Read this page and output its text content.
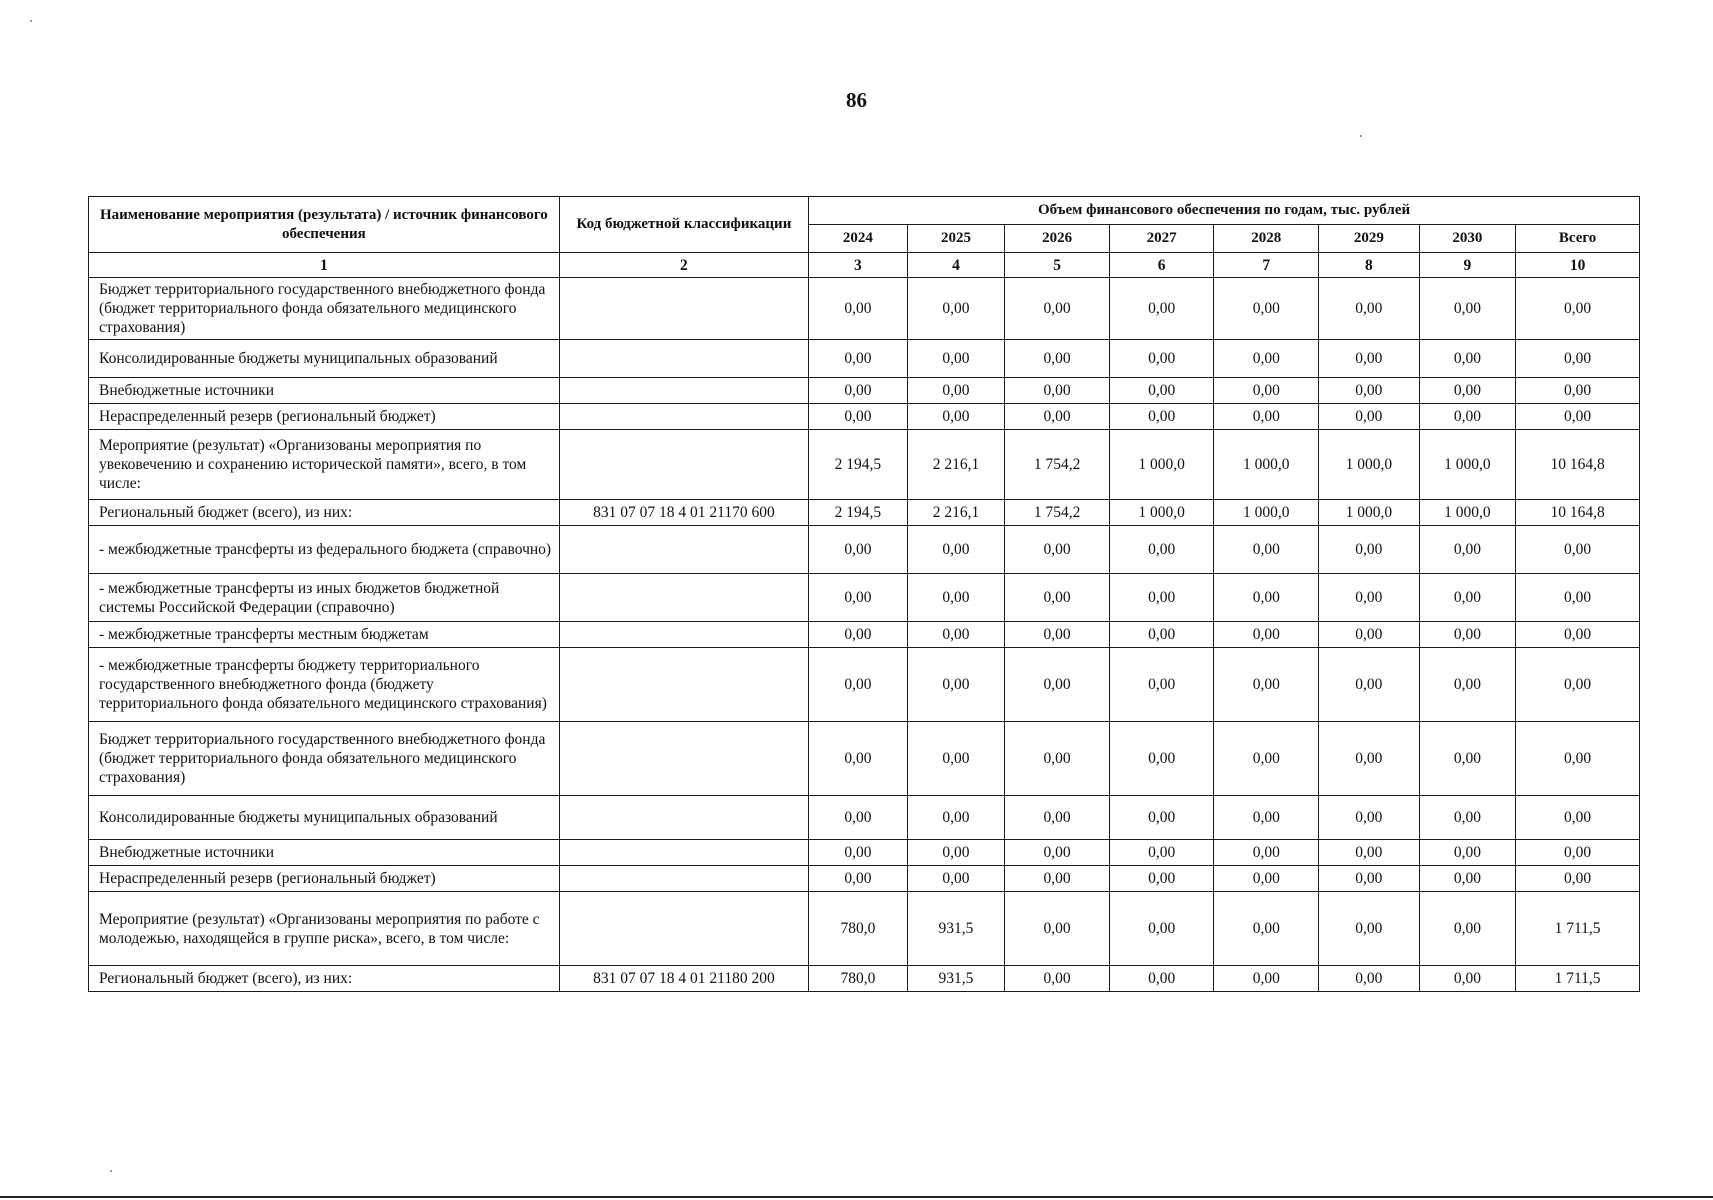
86
Наименование мероприятия (результата) / источник финансового обеспечения	Код бюджетной классификации	Объем финансового обеспечения по годам, тыс. рублей							
		2024	2025	2026	2027	2028	2029	2030	Всего
1	2	3	4	5	6	7	8	9	10
Бюджет территориального государственного внебюджетного фонда (бюджет территориального фонда обязательного медицинского страхования)		0,00	0,00	0,00	0,00	0,00	0,00	0,00	0,00
Консолидированные бюджеты муниципальных образований		0,00	0,00	0,00	0,00	0,00	0,00	0,00	0,00
Внебюджетные источники		0,00	0,00	0,00	0,00	0,00	0,00	0,00	0,00
Нераспределенный резерв (региональный бюджет)		0,00	0,00	0,00	0,00	0,00	0,00	0,00	0,00
Мероприятие (результат) «Организованы мероприятия по увековечению и сохранению исторической памяти», всего, в том числе:		2 194,5	2 216,1	1 754,2	1 000,0	1 000,0	1 000,0	1 000,0	10 164,8
Региональный бюджет (всего), из них:	831 07 07 18 4 01 21170 600	2 194,5	2 216,1	1 754,2	1 000,0	1 000,0	1 000,0	1 000,0	10 164,8
- межбюджетные трансферты из федерального бюджета (справочно)		0,00	0,00	0,00	0,00	0,00	0,00	0,00	0,00
- межбюджетные трансферты из иных бюджетов бюджетной системы Российской Федерации (справочно)		0,00	0,00	0,00	0,00	0,00	0,00	0,00	0,00
- межбюджетные трансферты местным бюджетам		0,00	0,00	0,00	0,00	0,00	0,00	0,00	0,00
- межбюджетные трансферты бюджету территориального государственного внебюджетного фонда (бюджету территориального фонда обязательного медицинского страхования)		0,00	0,00	0,00	0,00	0,00	0,00	0,00	0,00
Бюджет территориального государственного внебюджетного фонда (бюджет территориального фонда обязательного медицинского страхования)		0,00	0,00	0,00	0,00	0,00	0,00	0,00	0,00
Консолидированные бюджеты муниципальных образований		0,00	0,00	0,00	0,00	0,00	0,00	0,00	0,00
Внебюджетные источники		0,00	0,00	0,00	0,00	0,00	0,00	0,00	0,00
Нераспределенный резерв (региональный бюджет)		0,00	0,00	0,00	0,00	0,00	0,00	0,00	0,00
Мероприятие (результат) «Организованы мероприятия по работе с молодежью, находящейся в группе риска», всего, в том числе:		780,0	931,5	0,00	0,00	0,00	0,00	0,00	1 711,5
Региональный бюджет (всего), из них:	831 07 07 18 4 01 21180 200	780,0	931,5	0,00	0,00	0,00	0,00	0,00	1 711,5
